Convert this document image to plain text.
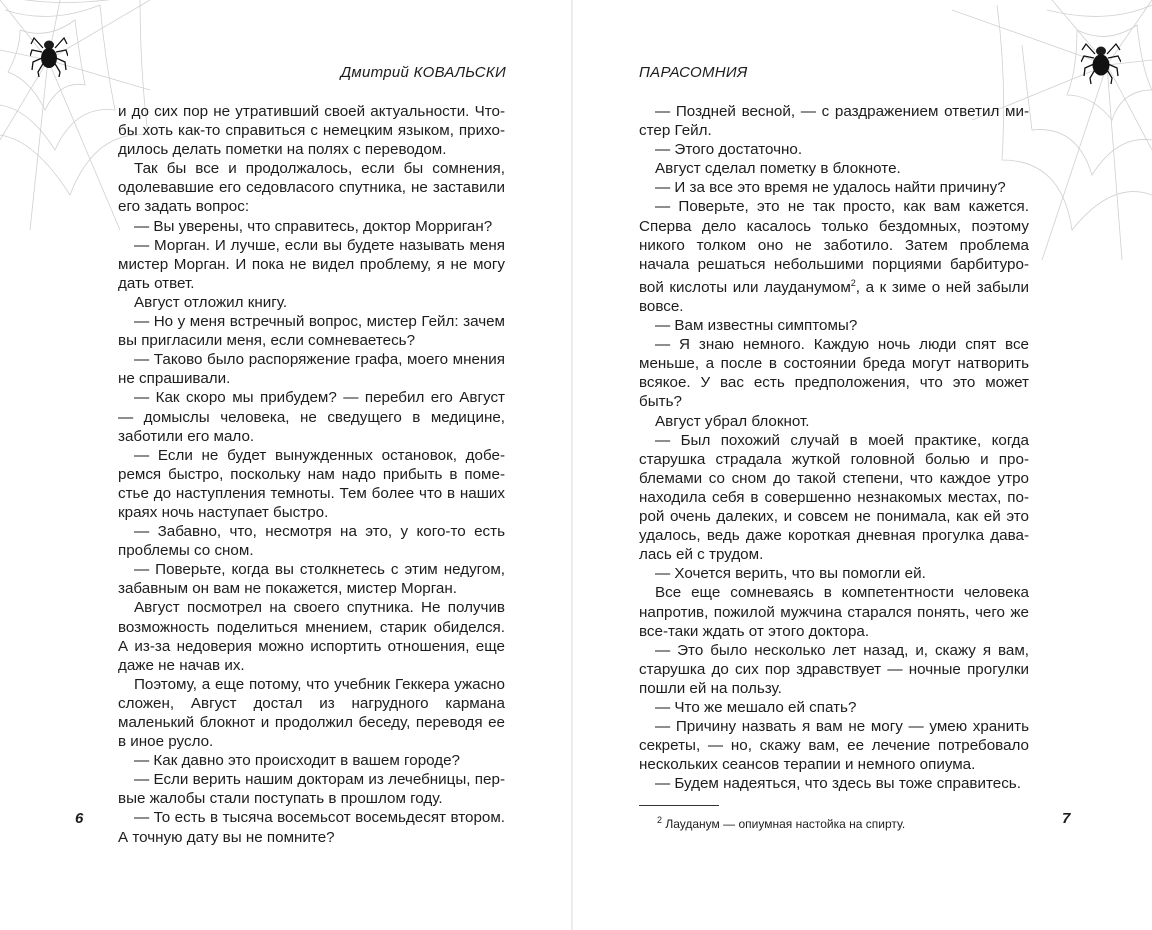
Дмитрий КОВАЛЬСКИ

и до сих пор не утративший своей актуальности. Чтобы хоть как-то справиться с немецким языком, приходилось делать пометки на полях с переводом.

Так бы все и продолжалось, если бы сомнения, одолевавшие его седовласого спутника, не заставили его задать вопрос:

— Вы уверены, что справитесь, доктор Морриган?

— Морган. И лучше, если вы будете называть меня мистер Морган. И пока не видел проблему, я не могу дать ответ.

Август отложил книгу.

— Но у меня встречный вопрос, мистер Гейл: зачем вы пригласили меня, если сомневаетесь?

— Таково было распоряжение графа, моего мнения не спрашивали.

— Как скоро мы прибудем? — перебил его Август — домыслы человека, не сведущего в медицине, заботили его мало.

— Если не будет вынужденных остановок, доберемся быстро, поскольку нам надо прибыть в поместье до наступления темноты. Тем более что в наших краях ночь наступает быстро.

— Забавно, что, несмотря на это, у кого-то есть проблемы со сном.

— Поверьте, когда вы столкнетесь с этим недугом, забавным он вам не покажется, мистер Морган.

Август посмотрел на своего спутника. Не получив возможность поделиться мнением, старик обиделся. А из-за недоверия можно испортить отношения, еще даже не начав их.

Поэтому, а еще потому, что учебник Геккера ужасно сложен, Август достал из нагрудного кармана маленький блокнот и продолжил беседу, переводя ее в иное русло.

— Как давно это происходит в вашем городе?

— Если верить нашим докторам из лечебницы, первые жалобы стали поступать в прошлом году.

— То есть в тысяча восемьсот восемьдесят втором. А точную дату вы не помните?

6
ПАРАСОМНИЯ

— Поздней весной, — с раздражением ответил мистер Гейл.

— Этого достаточно.

Август сделал пометку в блокноте.

— И за все это время не удалось найти причину?

— Поверьте, это не так просто, как вам кажется. Сперва дело касалось только бездомных, поэтому никого толком оно не заботило. Затем проблема начала решаться небольшими порциями барбитуровой кислоты или лауданумом$^2$, а к зиме о ней забыли вовсе.

— Вам известны симптомы?

— Я знаю немного. Каждую ночь люди спят все меньше, а после в состоянии бреда могут натворить всякое. У вас есть предположения, что это может быть?

Август убрал блокнот.

— Был похожий случай в моей практике, когда старушка страдала жуткой головной болью и проблемами со сном до такой степени, что каждое утро находила себя в совершенно незнакомых местах, порой очень далеких, и совсем не понимала, как ей это удалось, ведь даже короткая дневная прогулка давалась ей с трудом.

— Хочется верить, что вы помогли ей.

Все еще сомневаясь в компетентности человека напротив, пожилой мужчина старался понять, чего же все-таки ждать от этого доктора.

— Это было несколько лет назад, и, скажу я вам, старушка до сих пор здравствует — ночные прогулки пошли ей на пользу.

— Что же мешало ей спать?

— Причину назвать я вам не могу — умею хранить секреты, — но, скажу вам, ее лечение потребовало нескольких сеансов терапии и немного опиума.

— Будем надеяться, что здесь вы тоже справитесь.

$^2$ Лауданум — опиумная настойка на спирту.	7
